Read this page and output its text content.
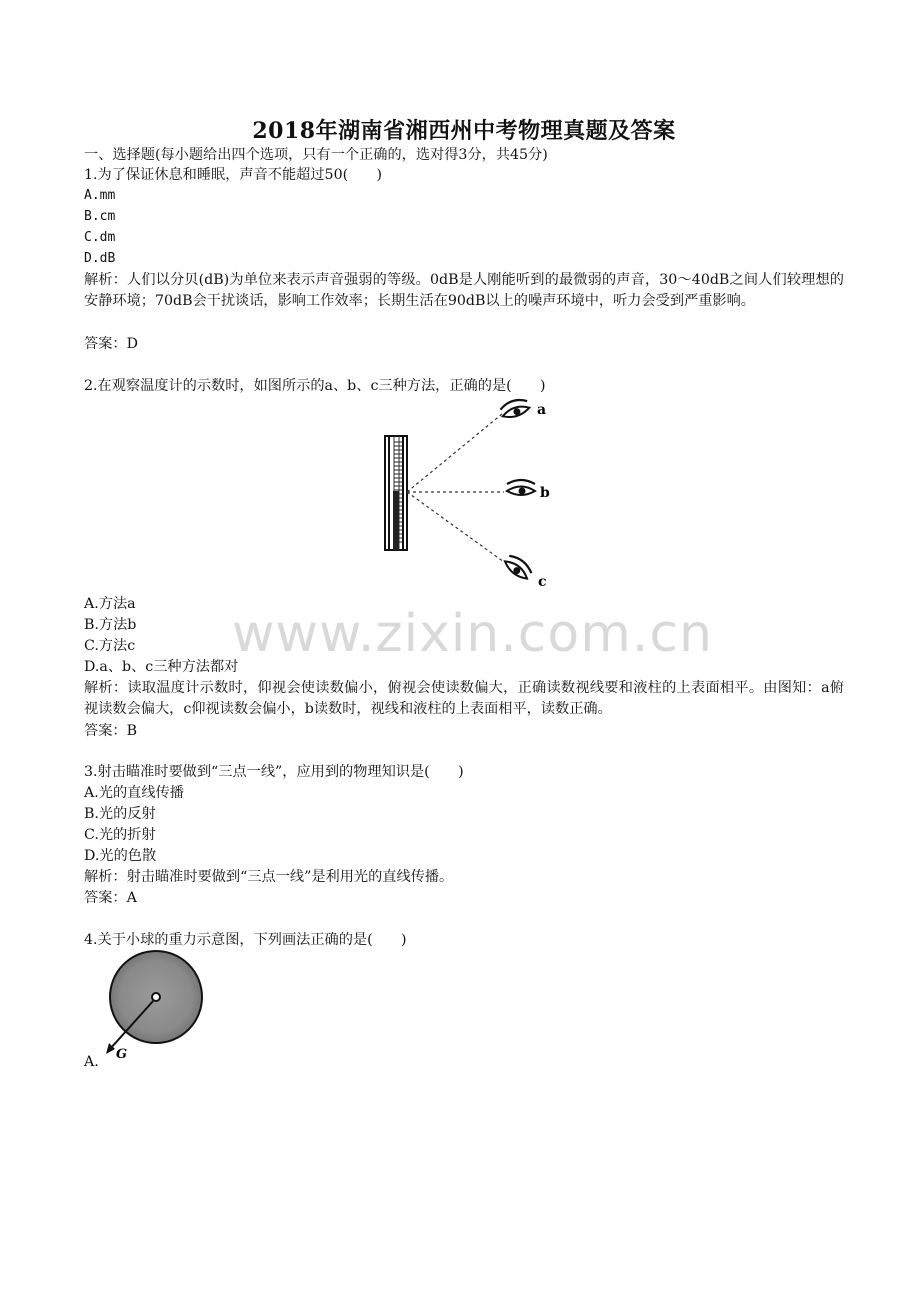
www.zixin.com.cn
2018年湖南省湘西州中考物理真题及答案
一、选择题(每小题给出四个选项，只有一个正确的，选对得3分，共45分)
1.为了保证休息和睡眠，声音不能超过50(　　)
A.mm
B.cm
C.dm
D.dB
解析：人们以分贝(dB)为单位来表示声音强弱的等级。0dB是人刚能听到的最微弱的声音，30～40dB之间人们较理想的安静环境；70dB会干扰谈话，影响工作效率；长期生活在90dB以上的噪声环境中，听力会受到严重影响。
答案：D
2.在观察温度计的示数时，如图所示的a、b、c三种方法，正确的是(　　)
a
b
c
A.方法a
B.方法b
C.方法c
D.a、b、c三种方法都对
解析：读取温度计示数时，仰视会使读数偏小，俯视会使读数偏大，正确读数视线要和液柱的上表面相平。由图知：a俯视读数会偏大，c仰视读数会偏小，b读数时，视线和液柱的上表面相平，读数正确。
答案：B
3.射击瞄准时要做到“三点一线”，应用到的物理知识是(　　)
A.光的直线传播
B.光的反射
C.光的折射
D.光的色散
解析：射击瞄准时要做到“三点一线”是利用光的直线传播。
答案：A
4.关于小球的重力示意图，下列画法正确的是(　　)
G
A.
